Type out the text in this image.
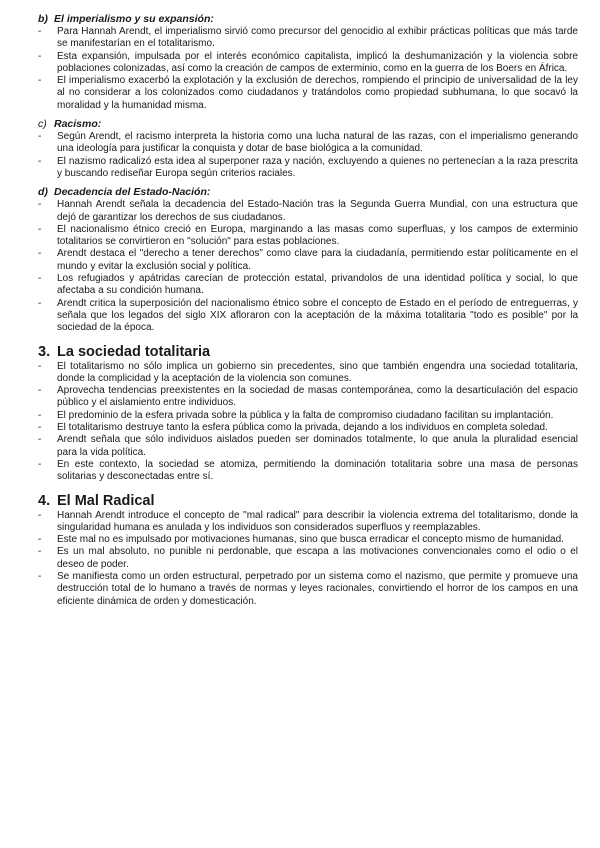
b) El imperialismo y su expansión:
- Para Hannah Arendt, el imperialismo sirvió como precursor del genocidio al exhibir prácticas políticas que más tarde se manifestarían en el totalitarismo.
- Esta expansión, impulsada por el interés económico capitalista, implicó la deshumanización y la violencia sobre poblaciones colonizadas, así como la creación de campos de exterminio, como en la guerra de los Boers en África.
- El imperialismo exacerbó la explotación y la exclusión de derechos, rompiendo el principio de universalidad de la ley al no considerar a los colonizados como ciudadanos y tratándolos como propiedad subhumana, lo que socavó la moralidad y la humanidad misma.
c) Racismo:
- Según Arendt, el racismo interpreta la historia como una lucha natural de las razas, con el imperialismo generando una ideología para justificar la conquista y dotar de base biológica a la comunidad.
- El nazismo radicalizó esta idea al superponer raza y nación, excluyendo a quienes no pertenecían a la raza prescrita y buscando rediseñar Europa según criterios raciales.
d) Decadencia del Estado-Nación:
- Hannah Arendt señala la decadencia del Estado-Nación tras la Segunda Guerra Mundial, con una estructura que dejó de garantizar los derechos de sus ciudadanos.
- El nacionalismo étnico creció en Europa, marginando a las masas como superfluas, y los campos de exterminio totalitarios se convirtieron en "solución" para estas poblaciones.
- Arendt destaca el "derecho a tener derechos" como clave para la ciudadanía, permitiendo estar políticamente en el mundo y evitar la exclusión social y política.
- Los refugiados y apátridas carecían de protección estatal, privandolos de una identidad política y social, lo que afectaba a su condición humana.
- Arendt critica la superposición del nacionalismo étnico sobre el concepto de Estado en el período de entreguerras, y señala que los legados del siglo XIX afloraron con la aceptación de la máxima totalitaria "todo es posible" por la sociedad de la época.
3. La sociedad totalitaria
- El totalitarismo no sólo implica un gobierno sin precedentes, sino que también engendra una sociedad totalitaria, donde la complicidad y la aceptación de la violencia son comunes.
- Aprovecha tendencias preexistentes en la sociedad de masas contemporánea, como la desarticulación del espacio público y el aislamiento entre individuos.
- El predominio de la esfera privada sobre la pública y la falta de compromiso ciudadano facilitan su implantación.
- El totalitarismo destruye tanto la esfera pública como la privada, dejando a los individuos en completa soledad.
- Arendt señala que sólo individuos aislados pueden ser dominados totalmente, lo que anula la pluralidad esencial para la vida política.
- En este contexto, la sociedad se atomiza, permitiendo la dominación totalitaria sobre una masa de personas solitarias y desconectadas entre sí.
4. El Mal Radical
- Hannah Arendt introduce el concepto de "mal radical" para describir la violencia extrema del totalitarismo, donde la singularidad humana es anulada y los individuos son considerados superfluos y reemplazables.
- Este mal no es impulsado por motivaciones humanas, sino que busca erradicar el concepto mismo de humanidad.
- Es un mal absoluto, no punible ni perdonable, que escapa a las motivaciones convencionales como el odio o el deseo de poder.
- Se manifiesta como un orden estructural, perpetrado por un sistema como el nazismo, que permite y promueve una destrucción total de lo humano a través de normas y leyes racionales, convirtiendo el horror de los campos en una eficiente dinámica de orden y domesticación.
